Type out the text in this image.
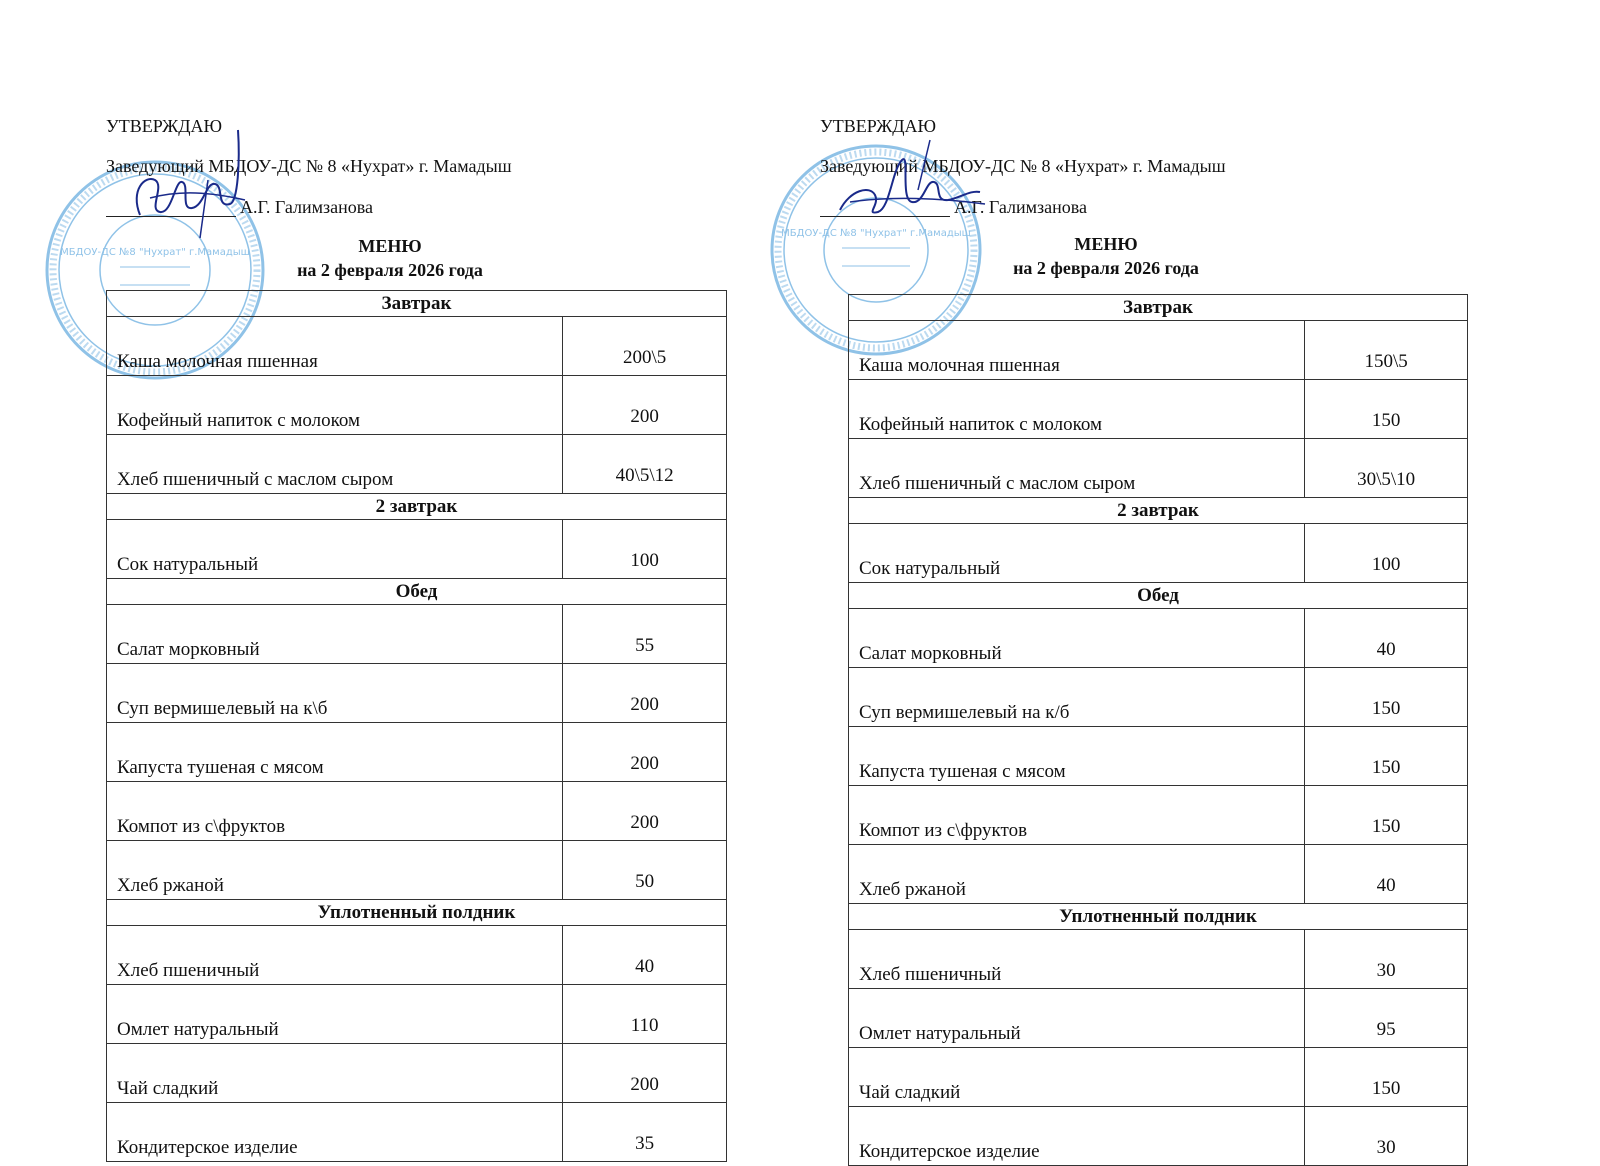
МБДОУ-ДС №8 "Нухрат" г.Мамадыш
УТВЕРЖДАЮ
Заведующий МБДОУ-ДС № 8 «Нухрат» г. Мамадыш
А.Г. Галимзанова
МЕНЮ
на 2 февраля 2026 года
Завтрак	
Каша молочная пшенная	200\5
Кофейный напиток с молоком	200
Хлеб пшеничный с маслом сыром	40\5\12
2 завтрак	
Сок натуральный	100
Обед	
Салат морковный	55
Суп вермишелевый на к\б	200
Капуста тушеная с мясом	200
Компот из с\фруктов	200
Хлеб ржаной	50
Уплотненный полдник	
Хлеб пшеничный	40
Омлет натуральный	110
Чай сладкий	200
Кондитерское изделие	35
МБДОУ-ДС №8 "Нухрат" г.Мамадыш
УТВЕРЖДАЮ
Заведующий МБДОУ-ДС № 8 «Нухрат» г. Мамадыш
А.Г. Галимзанова
МЕНЮ
на 2 февраля 2026 года
Завтрак	
Каша молочная пшенная	150\5
Кофейный напиток с молоком	150
Хлеб пшеничный с маслом сыром	30\5\10
2 завтрак	
Сок натуральный	100
Обед	
Салат морковный	40
Суп вермишелевый на к/б	150
Капуста тушеная с мясом	150
Компот из с\фруктов	150
Хлеб ржаной	40
Уплотненный полдник	
Хлеб пшеничный	30
Омлет натуральный	95
Чай сладкий	150
Кондитерское изделие	30
